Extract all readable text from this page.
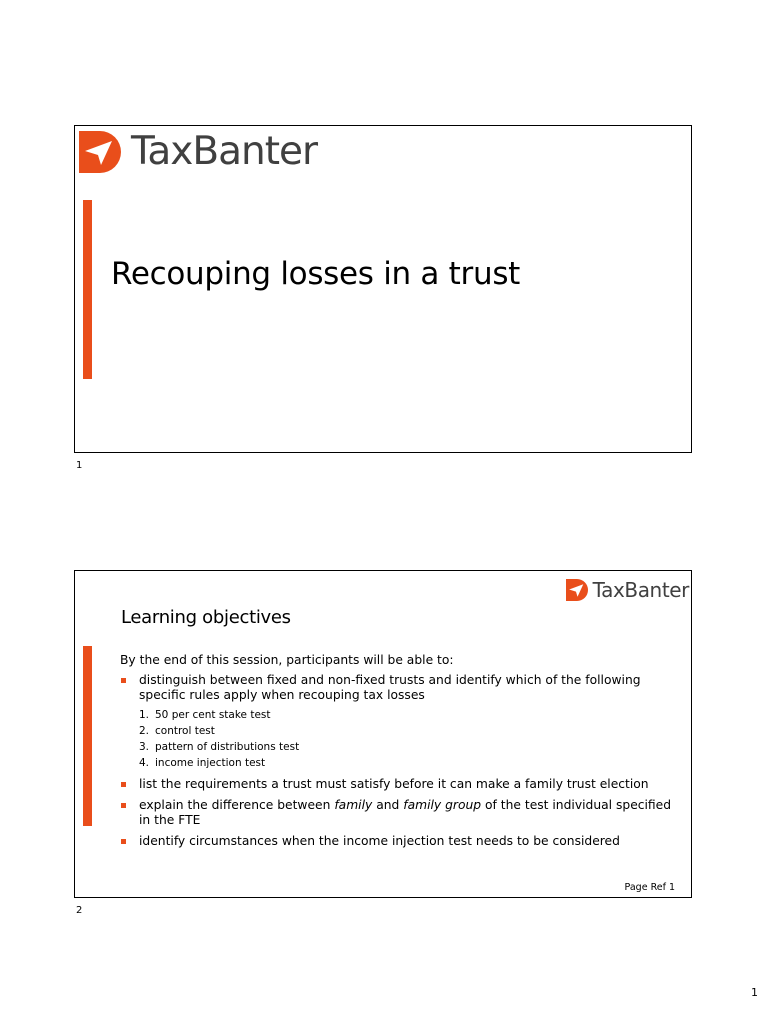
TaxBanter
Recouping losses in a trust
1
TaxBanter
Learning objectives

By the end of this session, participants will be able to:

distinguish between fixed and non-fixed trusts and identify which of the following specific rules apply when recouping tax losses
1. 50 per cent stake test
2. control test
3. pattern of distributions test
4. income injection test
list the requirements a trust must satisfy before it can make a family trust election
explain the difference between family and family group of the test individual specified in the FTE
identify circumstances when the income injection test needs to be considered
Page Ref 1
2
1
